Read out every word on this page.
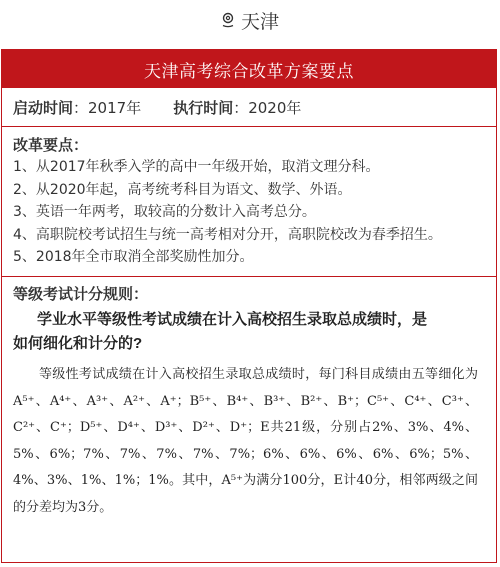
天津
天津高考综合改革方案要点
启动时间 ：2017年 执行时间 ：2020年
改革要点：
1、从2017年秋季入学的高中一年级开始，取消文理分科。
2、从2020年起，高考统考科目为语文、数学、外语。
3、英语一年两考，取较高的分数计入高考总分。
4、高职院校考试招生与统一高考相对分开，高职院校改为春季招生。
5、2018年全市取消全部奖励性加分。
等级考试计分规则：
学业水平等级性考试成绩在计入高校招生录取总成绩时，是
如何细化和计分的?
等级性考试成绩在计入高校招生录取总成绩时，每门科目成绩由五等细化为A⁵⁺、A⁴⁺、A³⁺、A²⁺、A⁺；B⁵⁺、B⁴⁺、B³⁺、B²⁺、B⁺；C⁵⁺、C⁴⁺、C³⁺、C²⁺、C⁺；D⁵⁺、D⁴⁺、D³⁺、D²⁺、D⁺；E共21级，分别占2%、3%、4%、5%、6%；7%、7%、7%、7%、7%；6%、6%、6%、6%、6%；5%、4%、3%、1%、1%；1%。其中，A⁵⁺为满分100分，E计40分，相邻两级之间的分差均为3分。
